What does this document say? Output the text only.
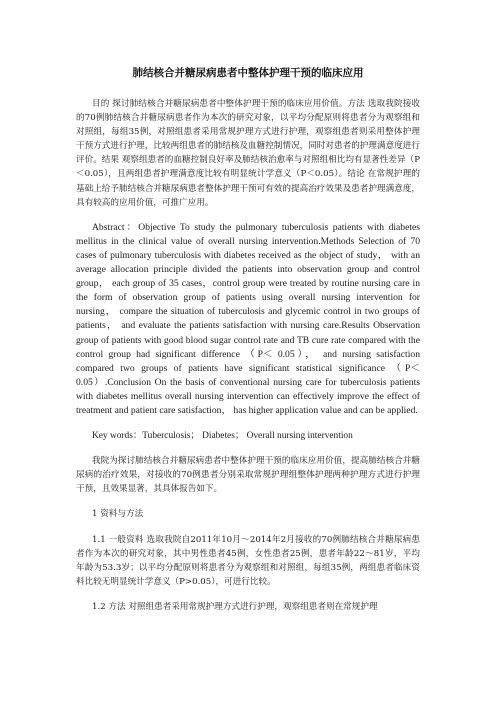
肺结核合并糖尿病患者中整体护理干预的临床应用

目的 探讨肺结核合并糖尿病患者中整体护理干预的临床应用价值。方法 选取我院接收的70例肺结核合并糖尿病患者作为本次的研究对象，以平均分配原则将患者分为观察组和对照组，每组35例，对照组患者采用常规护理方式进行护理，观察组患者则采用整体护理干预方式进行护理，比较两组患者的肺结核及血糖控制情况，同时对患者的护理满意度进行评价。结果 观察组患者的血糖控制良好率及肺结核治愈率与对照组相比均有显著性差异（P＜0.05），且两组患者护理满意度比较有明显统计学意义（P＜0.05）。结论 在常规护理的基础上给予肺结核合并糖尿病患者整体护理干预可有效的提高治疗效果及患者护理满意度，具有较高的应用价值，可推广应用。

Abstract：Objective To study the pulmonary tuberculosis patients with diabetes mellitus in the clinical value of overall nursing intervention.Methods Selection of 70 cases of pulmonary tuberculosis with diabetes received as the object of study， with an average allocation principle divided the patients into observation group and control group， each group of 35 cases，control group were treated by routine nursing care in the form of observation group of patients using overall nursing intervention for nursing， compare the situation of tuberculosis and glycemic control in two groups of patients， and evaluate the patients satisfaction with nursing care.Results Observation group of patients with good blood sugar control rate and TB cure rate compared with the control group had significant difference （P＜ 0.05）， and nursing satisfaction compared two groups of patients have significant statistical significance （P＜ 0.05）.Conclusion On the basis of conventional nursing care for tuberculosis patients with diabetes mellitus overall nursing intervention can effectively improve the effect of treatment and patient care satisfaction， has higher application value and can be applied.

Key words：Tuberculosis； Diabetes； Overall nursing intervention

我院为探讨肺结核合并糖尿病患者中整体护理干预的临床应用价值，提高肺结核合并糖尿病的治疗效果，对接收的70例患者分别采取常规护理组整体护理两种护理方式进行护理干预，且效果显著，其具体报告如下。

1 资料与方法

1.1 一般资料 选取我院自2011年10月～2014年2月接收的70例肺结核合并糖尿病患者作为本次的研究对象，其中男性患者45例，女性患者25例，患者年龄22～81岁，平均年龄为53.3岁；以平均分配原则将患者分为观察组和对照组，每组35例，两组患者临床资料比较无明显统计学意义（P>0.05），可进行比较。

1.2 方法 对照组患者采用常规护理方式进行护理，观察组患者则在常规护理
